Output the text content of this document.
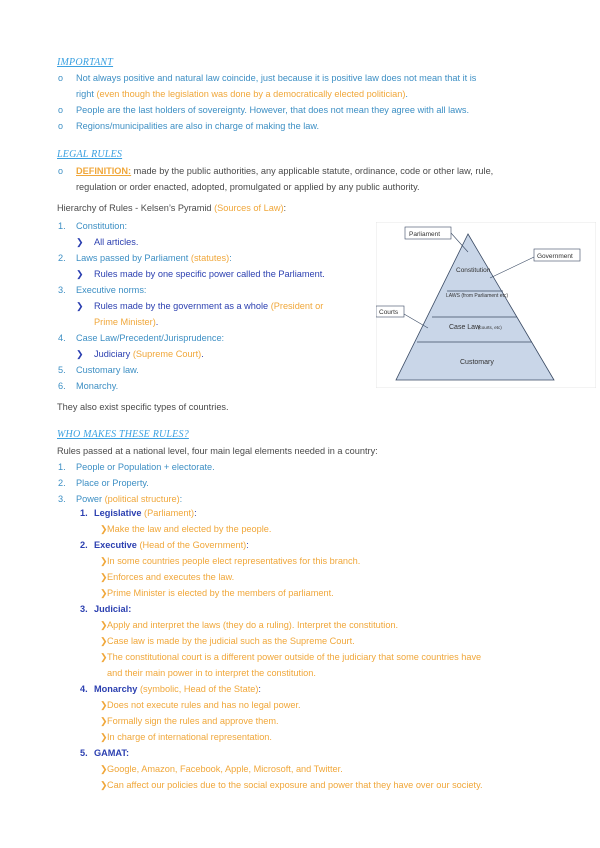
IMPORTANT
o Not always positive and natural law coincide, just because it is positive law does not mean that it is
right (even though the legislation was done by a democratically elected politician).
o People are the last holders of sovereignty. However, that does not mean they agree with all laws.
o Regions/municipalities are also in charge of making the law.
LEGAL RULES
o DEFINITION: made by the public authorities, any applicable statute, ordinance, code or other law, rule,
regulation or order enacted, adopted, promulgated or applied by any public authority.
Hierarchy of Rules - Kelsen’s Pyramid (Sources of Law):
1. Constitution:
❯ All articles.
2. Laws passed by Parliament (statutes):
❯ Rules made by one specific power called the Parliament.
3. Executive norms:
❯ Rules made by the government as a whole (President or
Prime Minister).
4. Case Law/Precedent/Jurisprudence:
❯ Judiciary (Supreme Court).
5. Customary law.
6. Monarchy.
They also exist specific types of countries.
Parliament
Government
Courts
Constitution
LAWS (from Parliament etc)
Case Law
(courts, etc)
Customary
WHO MAKES THESE RULES?
Rules passed at a national level, four main legal elements needed in a country:
1. People or Population + electorate.
2. Place or Property.
3. Power (political structure):
1. Legislative (Parliament):
❯ Make the law and elected by the people.
2. Executive (Head of the Government):
❯ In some countries people elect representatives for this branch.
❯ Enforces and executes the law.
❯ Prime Minister is elected by the members of parliament.
3. Judicial:
❯ Apply and interpret the laws (they do a ruling). Interpret the constitution.
❯ Case law is made by the judicial such as the Supreme Court.
❯ The constitutional court is a different power outside of the judiciary that some countries have
and their main power in to interpret the constitution.
4. Monarchy (symbolic, Head of the State):
❯ Does not execute rules and has no legal power.
❯ Formally sign the rules and approve them.
❯ In charge of international representation.
5. GAMAT:
❯ Google, Amazon, Facebook, Apple, Microsoft, and Twitter.
❯ Can affect our policies due to the social exposure and power that they have over our society.
